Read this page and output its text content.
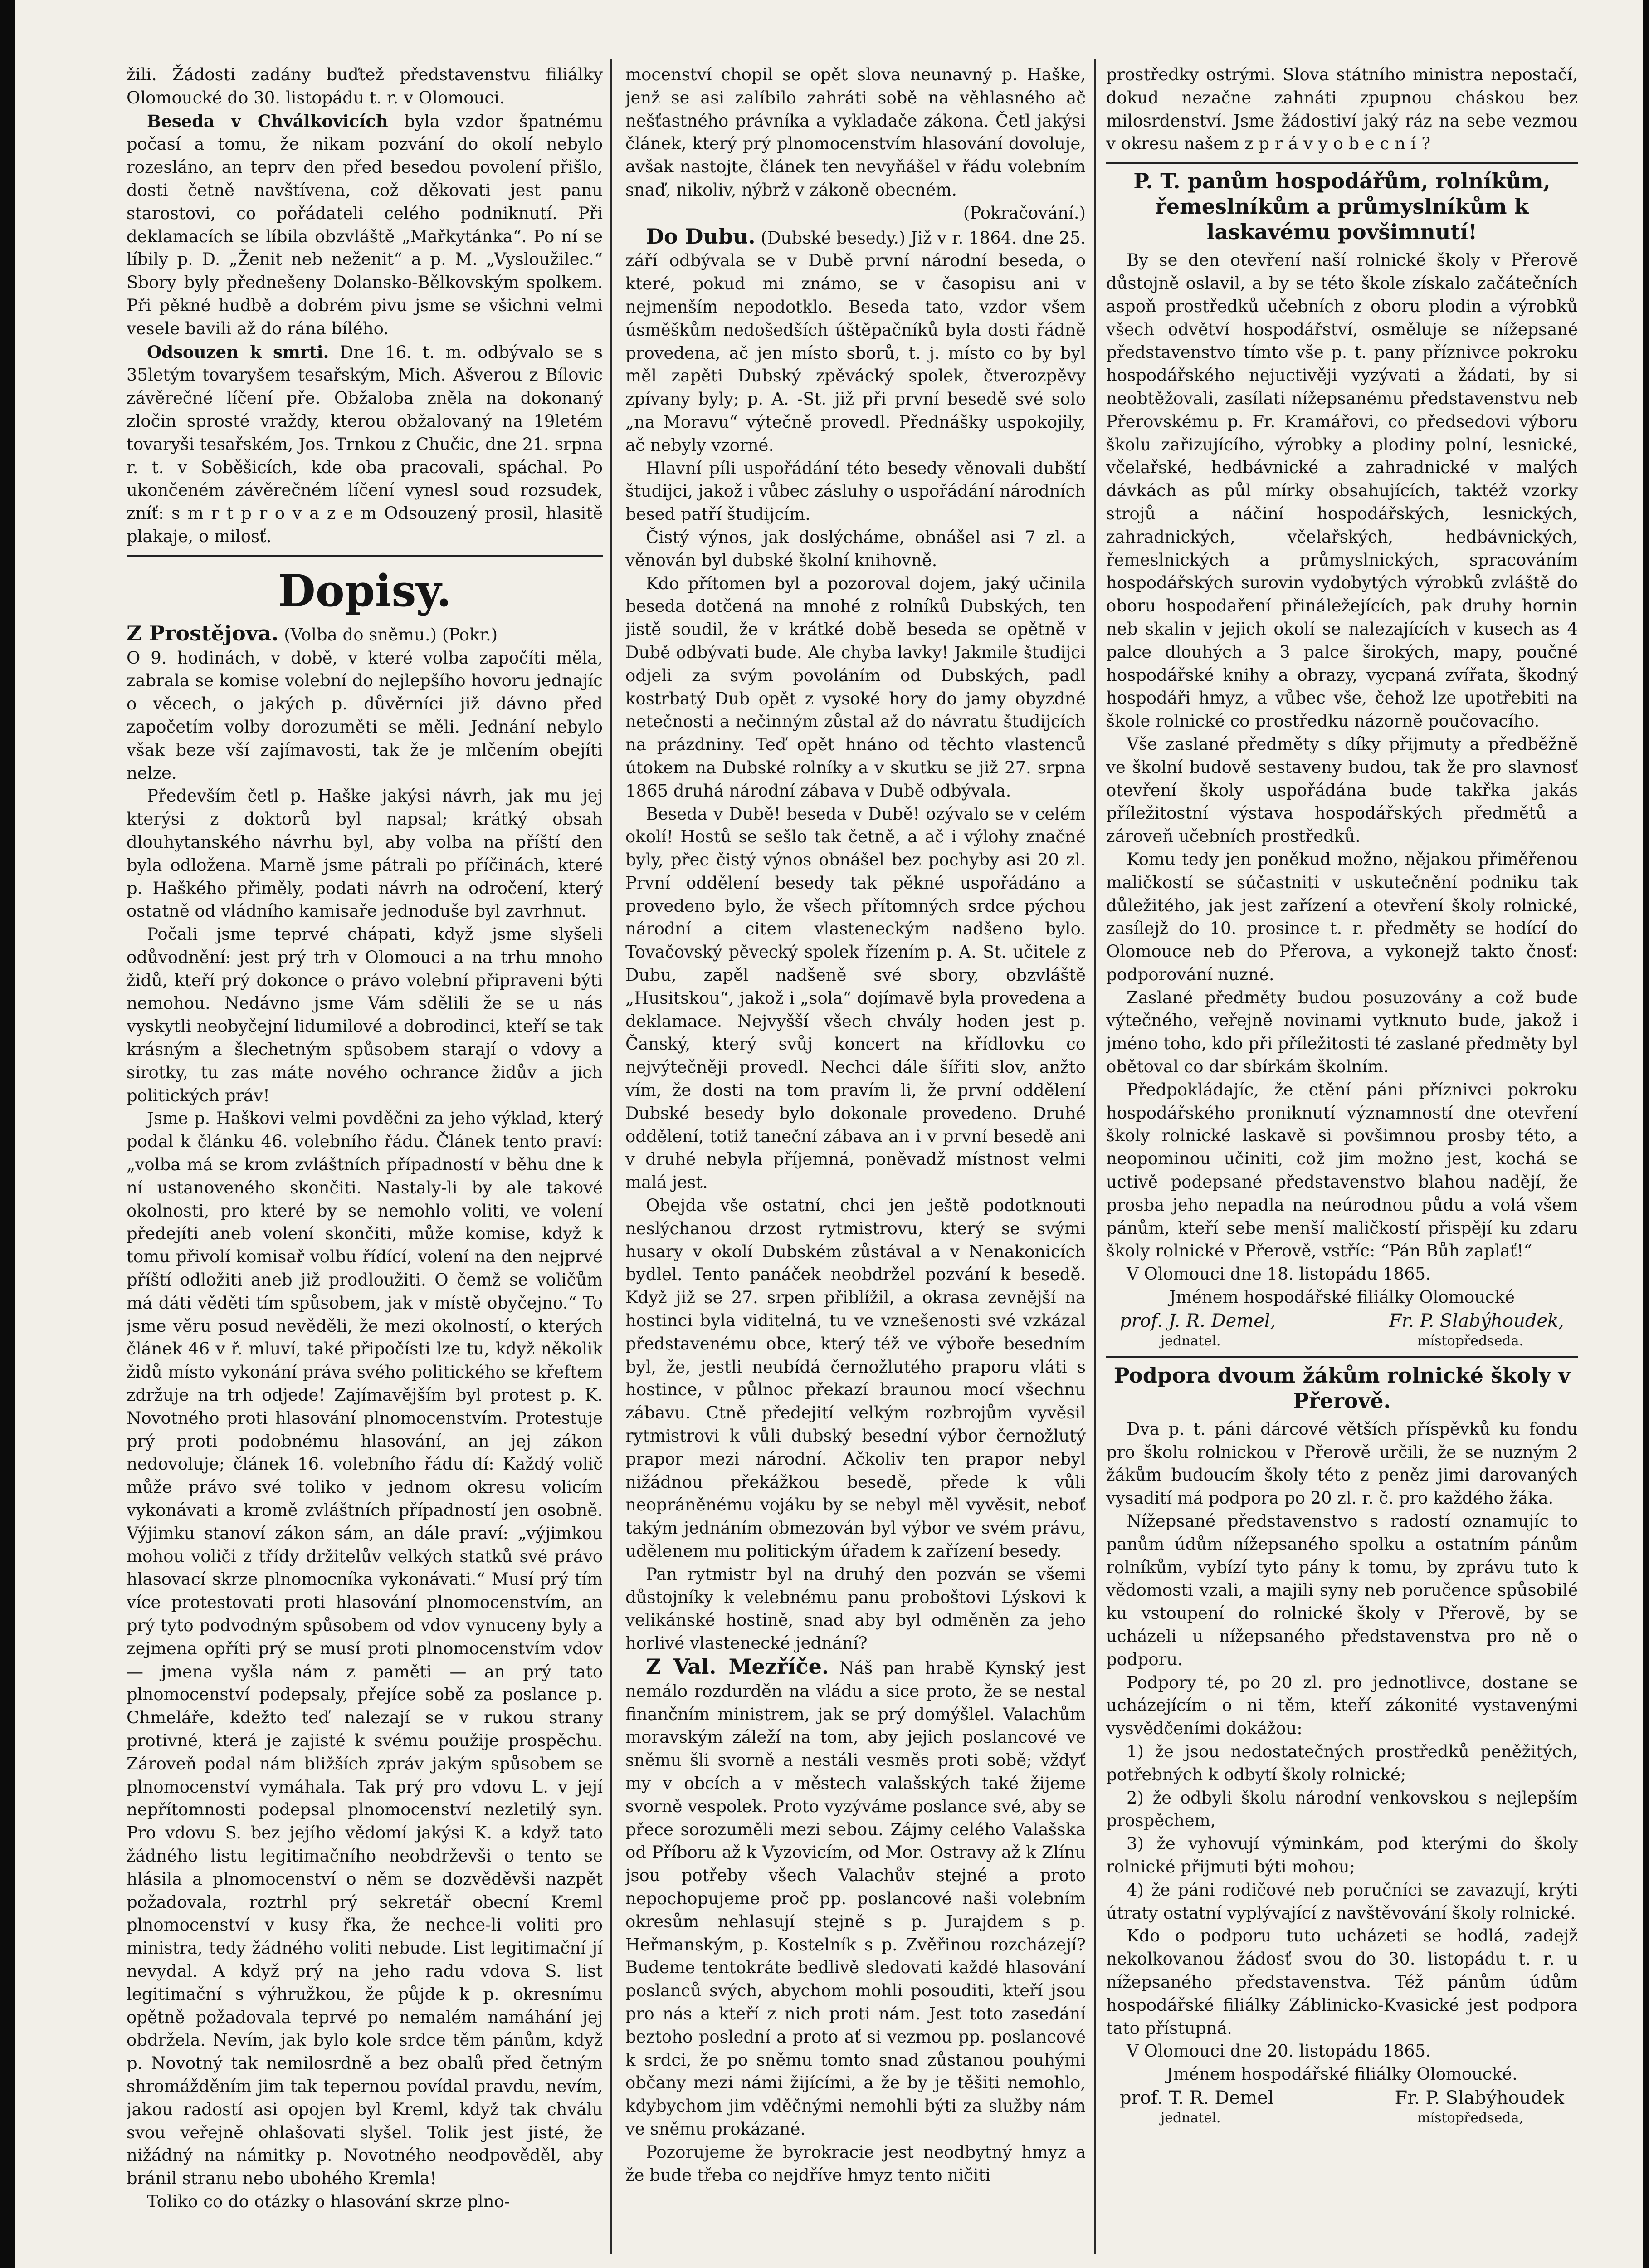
žili. Žádosti zadány buďtež představenstvu filiálky Olomoucké do 30. listopádu t. r. v Olomouci.

Beseda v Chválkovicích byla vzdor špatnému počasí a tomu, že nikam pozvání do okolí nebylo rozesláno, an teprv den před besedou povolení přišlo, dosti četně navštívena, což děkovati jest panu starostovi, co pořádateli celého podniknutí. Při deklamacích se líbila obzvláště „Mařkytánka“. Po ní se líbily p. D. „Ženit neb neženit“ a p. M. „Vysloužilec.“ Sbory byly přednešeny Dolansko-Bělkovským spolkem. Při pěkné hudbě a dobrém pivu jsme se všichni velmi vesele bavili až do rána bílého.

Odsouzen k smrti. Dne 16. t. m. odbývalo se s 35letým tovaryšem tesařským, Mich. Ašverou z Bílovic závěrečné líčení pře. Obžaloba zněla na dokonaný zločin sprosté vraždy, kterou obžalovaný na 19letém tovaryši tesařském, Jos. Trnkou z Chučic, dne 21. srpna r. t. v Soběšicích, kde oba pracovali, spáchal. Po ukončeném závěrečném líčení vynesl soud rozsudek, zníť: s m r t p r o v a z e m Odsouzený prosil, hlasitě plakaje, o milosť.

Dopisy.

Z Prostějova. (Volba do sněmu.) (Pokr.)

O 9. hodinách, v době, v které volba započíti měla, zabrala se komise volební do nejlepšího hovoru jednajíc o věcech, o jakých p. důvěrníci již dávno před započetím volby dorozuměti se měli. Jednání nebylo však beze vší zajímavosti, tak že je mlčením obejíti nelze.

Především četl p. Haške jakýsi návrh, jak mu jej kterýsi z doktorů byl napsal; krátký obsah dlouhytanského návrhu byl, aby volba na příští den byla odložena. Marně jsme pátrali po příčinách, které p. Haškého přiměly, podati návrh na odročení, který ostatně od vládního kamisaře jednoduše byl zavrhnut.

Počali jsme teprvé chápati, když jsme slyšeli odůvodnění: jest prý trh v Olomouci a na trhu mnoho židů, kteří prý dokonce o právo volební připraveni býti nemohou. Nedávno jsme Vám sdělili že se u nás vyskytli neobyčejní lidumilové a dobrodinci, kteří se tak krásným a šlechetným spůsobem starají o vdovy a sirotky, tu zas máte nového ochrance židův a jich politických práv!

Jsme p. Haškovi velmi povděčni za jeho výklad, který podal k článku 46. volebního řádu. Článek tento praví: „volba má se krom zvláštních případností v běhu dne k ní ustanoveného skončiti. Nastaly-li by ale takové okolnosti, pro které by se nemohlo voliti, ve volení předejíti aneb volení skončiti, může komise, když k tomu přivolí komisař volbu řídící, volení na den nejprvé příští odložiti aneb již prodloužiti. O čemž se voličům má dáti věděti tím spůsobem, jak v místě obyčejno.“ To jsme věru posud nevěděli, že mezi okolností, o kterých článek 46 v ř. mluví, také připočísti lze tu, když několik židů místo vykonání práva svého politického se křeftem zdržuje na trh odjede! Zajímavějším byl protest p. K. Novotného proti hlasování plnomocenstvím. Protestuje prý proti podobnému hlasování, an jej zákon nedovoluje; článek 16. volebního řádu dí: Každý volič může právo své toliko v jednom okresu volicím vykonávati a kromě zvláštních případností jen osobně. Výjimku stanoví zákon sám, an dále praví: „výjimkou mohou voliči z třídy držitelův velkých statků své právo hlasovací skrze plnomocníka vykonávati.“ Musí prý tím více protestovati proti hlasování plnomocenstvím, an prý tyto podvodným spůsobem od vdov vynuceny byly a zejmena opříti prý se musí proti plnomocenstvím vdov — jmena vyšla nám z paměti — an prý tato plnomocenství podepsaly, přejíce sobě za poslance p. Chmeláře, kdežto teď nalezají se v rukou strany protivné, která je zajisté k svému použije prospěchu. Zároveň podal nám bližších zpráv jakým spůsobem se plnomocenství vymáhala. Tak prý pro vdovu L. v její nepřítomnosti podepsal plnomocenství nezletilý syn. Pro vdovu S. bez jejího vědomí jakýsi K. a když tato žádného listu legitimačního neobdrževši o tento se hlásila a plnomocenství o něm se dozvěděvši nazpět požadovala, roztrhl prý sekretář obecní Kreml plnomocenství v kusy řka, že nechce-li voliti pro ministra, tedy žádného voliti nebude. List legitimační jí nevydal. A když prý na jeho radu vdova S. list legitimační s výhružkou, že půjde k p. okresnímu opětně požadovala teprvé po nemalém namáhání jej obdržela. Nevím, jak bylo kole srdce těm pánům, když p. Novotný tak nemilosrdně a bez obalů před četným shromážděním jim tak tepernou povídal pravdu, nevím, jakou radostí asi opojen byl Kreml, když tak chválu svou veřejně ohlašovati slyšel. Tolik jest jisté, že nižádný na námitky p. Novotného neodpověděl, aby bránil stranu nebo ubohého Kremla!

Toliko co do otázky o hlasování skrze plno-

mocenství chopil se opět slova neunavný p. Haške, jenž se asi zalíbilo zahráti sobě na věhlasného ač nešťastného právníka a vykladače zákona. Četl jakýsi článek, který prý plnomocenstvím hlasování dovoluje, avšak nastojte, článek ten nevyňášel v řádu volebním snaď, nikoliv, nýbrž v zákoně obecném.

(Pokračování.)

Do Dubu. (Dubské besedy.) Již v r. 1864. dne 25. září odbývala se v Dubě první národní beseda, o které, pokud mi známo, se v časopisu ani v nejmenším nepodotklo. Beseda tato, vzdor všem úsměškům nedošedších úštěpačníků byla dosti řádně provedena, ač jen místo sborů, t. j. místo co by byl měl zapěti Dubský zpěvácký spolek, čtverozpěvy zpívany byly; p. A. -St. již při první besedě své solo „na Moravu“ výtečně provedl. Přednášky uspokojily, ač nebyly vzorné.

Hlavní píli uspořádání této besedy věnovali dubští študijci, jakož i vůbec zásluhy o uspořádání národních besed patří študijcím.

Čistý výnos, jak doslýcháme, obnášel asi 7 zl. a věnován byl dubské školní knihovně.

Kdo přítomen byl a pozoroval dojem, jaký učinila beseda dotčená na mnohé z rolníků Dubských, ten jistě soudil, že v krátké době beseda se opětně v Dubě odbývati bude. Ale chyba lavky! Jakmile študijci odjeli za svým povoláním od Dubských, padl kostrbatý Dub opět z vysoké hory do jamy obyzdné netečnosti a nečinným zůstal až do návratu študijcích na prázdniny. Teď opět hnáno od těchto vlastenců útokem na Dubské rolníky a v skutku se již 27. srpna 1865 druhá národní zábava v Dubě odbývala.

Beseda v Dubě! beseda v Dubě! ozývalo se v celém okolí! Hostů se sešlo tak četně, a ač i výlohy značné byly, přec čistý výnos obnášel bez pochyby asi 20 zl. První oddělení besedy tak pěkné uspořádáno a provedeno bylo, že všech přítomných srdce pýchou národní a citem vlasteneckým nadšeno bylo. Tovačovský pěvecký spolek řízením p. A. St. učitele z Dubu, zapěl nadšeně své sbory, obzvláště „Husitskou“, jakož i „sola“ dojímavě byla provedena a deklamace. Nejvyšší všech chvály hoden jest p. Čanský, který svůj koncert na křídlovku co nejvýtečněji provedl. Nechci dále šířiti slov, anžto vím, že dosti na tom pravím li, že první oddělení Dubské besedy bylo dokonale provedeno. Druhé oddělení, totiž taneční zábava an i v první besedě ani v druhé nebyla příjemná, poněvadž místnost velmi malá jest.

Obejda vše ostatní, chci jen ještě podotknouti neslýchanou drzost rytmistrovu, který se svými husary v okolí Dubském zůstával a v Nenakonicích bydlel. Tento panáček neobdržel pozvání k besedě. Když již se 27. srpen přiblížil, a okrasa zevnější na hostinci byla viditelná, tu ve vznešenosti své vzkázal představenému obce, který též ve výboře besedním byl, že, jestli neubídá černožlutého praporu vláti s hostince, v půlnoc překazí braunou mocí všechnu zábavu. Ctně předejití velkým rozbrojům vyvěsil rytmistrovi k vůli dubský besední výbor černožlutý prapor mezi národní. Ačkoliv ten prapor nebyl nižádnou překážkou besedě, přede k vůli neopráněnému vojáku by se nebyl měl vyvěsit, neboť takým jednáním obmezován byl výbor ve svém právu, udělenem mu politickým úřadem k zařízení besedy.

Pan rytmistr byl na druhý den pozván se všemi důstojníky k velebnému panu proboštovi Lýskovi k velikánské hostině, snad aby byl odměněn za jeho horlivé vlastenecké jednání?

Z Val. Mezříče. Náš pan hrabě Kynský jest nemálo rozdurděn na vládu a sice proto, že se nestal finančním ministrem, jak se prý domýšlel. Valachům moravským záleží na tom, aby jejich poslancové ve sněmu šli svorně a nestáli vesměs proti sobě; vždyť my v obcích a v městech valašských také žijeme svorně vespolek. Proto vyzýváme poslance své, aby se přece sorozuměli mezi sebou. Zájmy celého Valašska od Příboru až k Vyzovicím, od Mor. Ostravy až k Zlínu jsou potřeby všech Valachův stejné a proto nepochopujeme proč pp. poslancové naši volebním okresům nehlasují stejně s p. Jurajdem s p. Heřmanským, p. Kostelník s p. Zvěřinou rozcházejí? Budeme tentokráte bedlivě sledovati každé hlasování poslanců svých, abychom mohli posouditi, kteří jsou pro nás a kteří z nich proti nám. Jest toto zasedání beztoho poslední a proto ať si vezmou pp. poslancové k srdci, že po sněmu tomto snad zůstanou pouhými občany mezi námi žijícími, a že by je těšiti nemohlo, kdybychom jim vděčnými nemohli býti za služby nám ve sněmu prokázané.

Pozorujeme že byrokracie jest neodbytný hmyz a že bude třeba co nejdříve hmyz tento ničiti

prostředky ostrými. Slova státního ministra nepostačí, dokud nezačne zahnáti zpupnou cháskou bez milosrdenství. Jsme žádostiví jaký ráz na sebe vezmou v okresu našem z p r á v y o b e c n í ?

P. T. panům hospodářům, rolníkům, řemeslníkům a průmyslníkům k laskavému povšimnutí!

By se den otevření naší rolnické školy v Přerově důstojně oslavil, a by se této škole získalo začátečních aspoň prostředků učebních z oboru plodin a výrobků všech odvětví hospodářství, osměluje se nížepsané představenstvo tímto vše p. t. pany příznivce pokroku hospodářského nejuctivěji vyzývati a žádati, by si neobtěžovali, zasílati nížepsanému představenstvu neb Přerovskému p. Fr. Kramářovi, co předsedovi výboru školu zařizujícího, výrobky a plodiny polní, lesnické, včelařské, hedbávnické a zahradnické v malých dávkách as půl mírky obsahujících, taktéž vzorky strojů a náčiní hospodářských, lesnických, zahradnických, včelařských, hedbávnických, řemeslnických a průmyslnických, spracováním hospodářských surovin vydobytých výrobků zvláště do oboru hospodaření přináležejících, pak druhy hornin neb skalin v jejich okolí se nalezajících v kusech as 4 palce dlouhých a 3 palce širokých, mapy, poučné hospodářské knihy a obrazy, vycpaná zvířata, škodný hospodáři hmyz, a vůbec vše, čehož lze upotřebiti na škole rolnické co prostředku názorně poučovacího.

Vše zaslané předměty s díky přijmuty a předběžně ve školní budově sestaveny budou, tak že pro slavnosť otevření školy uspořádána bude takřka jakás příležitostní výstava hospodářských předmětů a zároveň učebních prostředků.

Komu tedy jen poněkud možno, nějakou přiměřenou maličkostí se súčastniti v uskutečnění podniku tak důležitého, jak jest zařízení a otevření školy rolnické, zasílejž do 10. prosince t. r. předměty se hodící do Olomouce neb do Přerova, a vykonejž takto čnosť: podporování nuzné.

Zaslané předměty budou posuzovány a což bude výtečného, veřejně novinami vytknuto bude, jakož i jméno toho, kdo při příležitosti té zaslané předměty byl obětoval co dar sbírkám školním.

Předpokládajíc, že ctění páni příznivci pokroku hospodářského proniknutí významností dne otevření školy rolnické laskavě si povšimnou prosby této, a neopominou učiniti, což jim možno jest, kochá se uctivě podepsané představenstvo blahou nadějí, že prosba jeho nepadla na neúrodnou půdu a volá všem pánům, kteří sebe menší maličkostí přispějí ku zdaru školy rolnické v Přerově, vstříc: “Pán Bůh zaplať!“

V Olomouci dne 18. listopádu 1865.

Jménem hospodářské filiálky Olomoucké

prof. J. R. Demel,	Fr. P. Slabýhoudek,
jednatel.	místopředseda.
Podpora dvoum žákům rolnické školy v Přerově.

Dva p. t. páni dárcové větších příspěvků ku fondu pro školu rolnickou v Přerově určili, že se nuzným 2 žákům budoucím školy této z peněz jimi darovaných vysadití má podpora po 20 zl. r. č. pro každého žáka.

Nížepsané představenstvo s radostí oznamujíc to panům údům nížepsaného spolku a ostatním pánům rolníkům, vybízí tyto pány k tomu, by zprávu tuto k vědomosti vzali, a majili syny neb poručence spůsobilé ku vstoupení do rolnické školy v Přerově, by se ucházeli u nížepsaného představenstva pro ně o podporu.

Podpory té, po 20 zl. pro jednotlivce, dostane se ucházejícím o ni těm, kteří zákonité vystavenými vysvědčeními dokážou:

1) že jsou nedostatečných prostředků peněžitých, potřebných k odbytí školy rolnické;

2) že odbyli školu národní venkovskou s nejlepším prospěchem,

3) že vyhovují výminkám, pod kterými do školy rolnické přijmuti býti mohou;

4) že páni rodičové neb poručníci se zavazují, krýti útraty ostatní vyplývající z navštěvování školy rolnické.

Kdo o podporu tuto ucházeti se hodlá, zadejž nekolkovanou žádosť svou do 30. listopádu t. r. u nížepsaného představenstva. Též pánům údům hospodářské filiálky Záblinicko-Kvasické jest podpora tato přístupná.

V Olomouci dne 20. listopádu 1865.

Jménem hospodářské filiálky Olomoucké.

prof. T. R. Demel	Fr. P. Slabýhoudek
jednatel.	místopředseda,
